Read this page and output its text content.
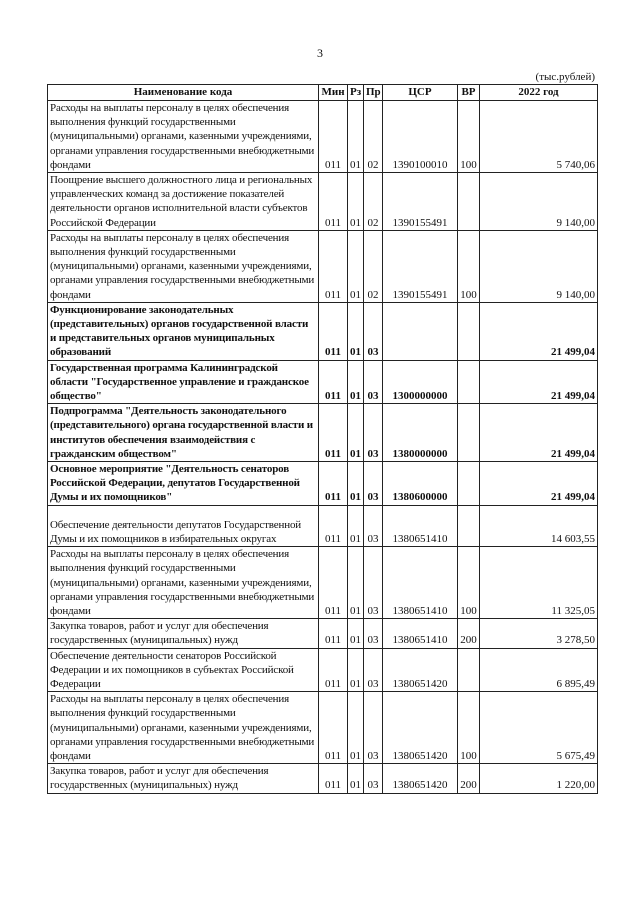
3
(тыс.рублей)
Наименование кода	Мин	Рз	Пр	ЦСР	ВР	2022 год
Расходы на выплаты персоналу в целях обеспечения выполнения функций государственными (муниципальными) органами, казенными учреждениями, органами управления государственными внебюджетными фондами	011	01	02	1390100010	100	5 740,06
Поощрение высшего должностного лица и региональных управленческих команд за достижение показателей деятельности органов исполнительной власти субъектов Российской Федерации	011	01	02	1390155491		9 140,00
Расходы на выплаты персоналу в целях обеспечения выполнения функций государственными (муниципальными) органами, казенными учреждениями, органами управления государственными внебюджетными фондами	011	01	02	1390155491	100	9 140,00
Функционирование законодательных (представительных) органов государственной власти и представительных органов муниципальных образований	011	01	03			21 499,04
Государственная программа Калининградской области "Государственное управление и гражданское общество"	011	01	03	1300000000		21 499,04
Подпрограмма "Деятельность законодательного (представительного) органа государственной власти и институтов обеспечения взаимодействия с гражданским обществом"	011	01	03	1380000000		21 499,04
Основное мероприятие "Деятельность сенаторов Российской Федерации, депутатов Государственной Думы и их помощников"	011	01	03	1380600000		21 499,04
Обеспечение деятельности депутатов Государственной Думы и их помощников в избирательных округах	011	01	03	1380651410		14 603,55
Расходы на выплаты персоналу в целях обеспечения выполнения функций государственными (муниципальными) органами, казенными учреждениями, органами управления государственными внебюджетными фондами	011	01	03	1380651410	100	11 325,05
Закупка товаров, работ и услуг для обеспечения государственных (муниципальных) нужд	011	01	03	1380651410	200	3 278,50
Обеспечение деятельности сенаторов Российской Федерации и их помощников в субъектах Российской Федерации	011	01	03	1380651420		6 895,49
Расходы на выплаты персоналу в целях обеспечения выполнения функций государственными (муниципальными) органами, казенными учреждениями, органами управления государственными внебюджетными фондами	011	01	03	1380651420	100	5 675,49
Закупка товаров, работ и услуг для обеспечения государственных (муниципальных) нужд	011	01	03	1380651420	200	1 220,00
